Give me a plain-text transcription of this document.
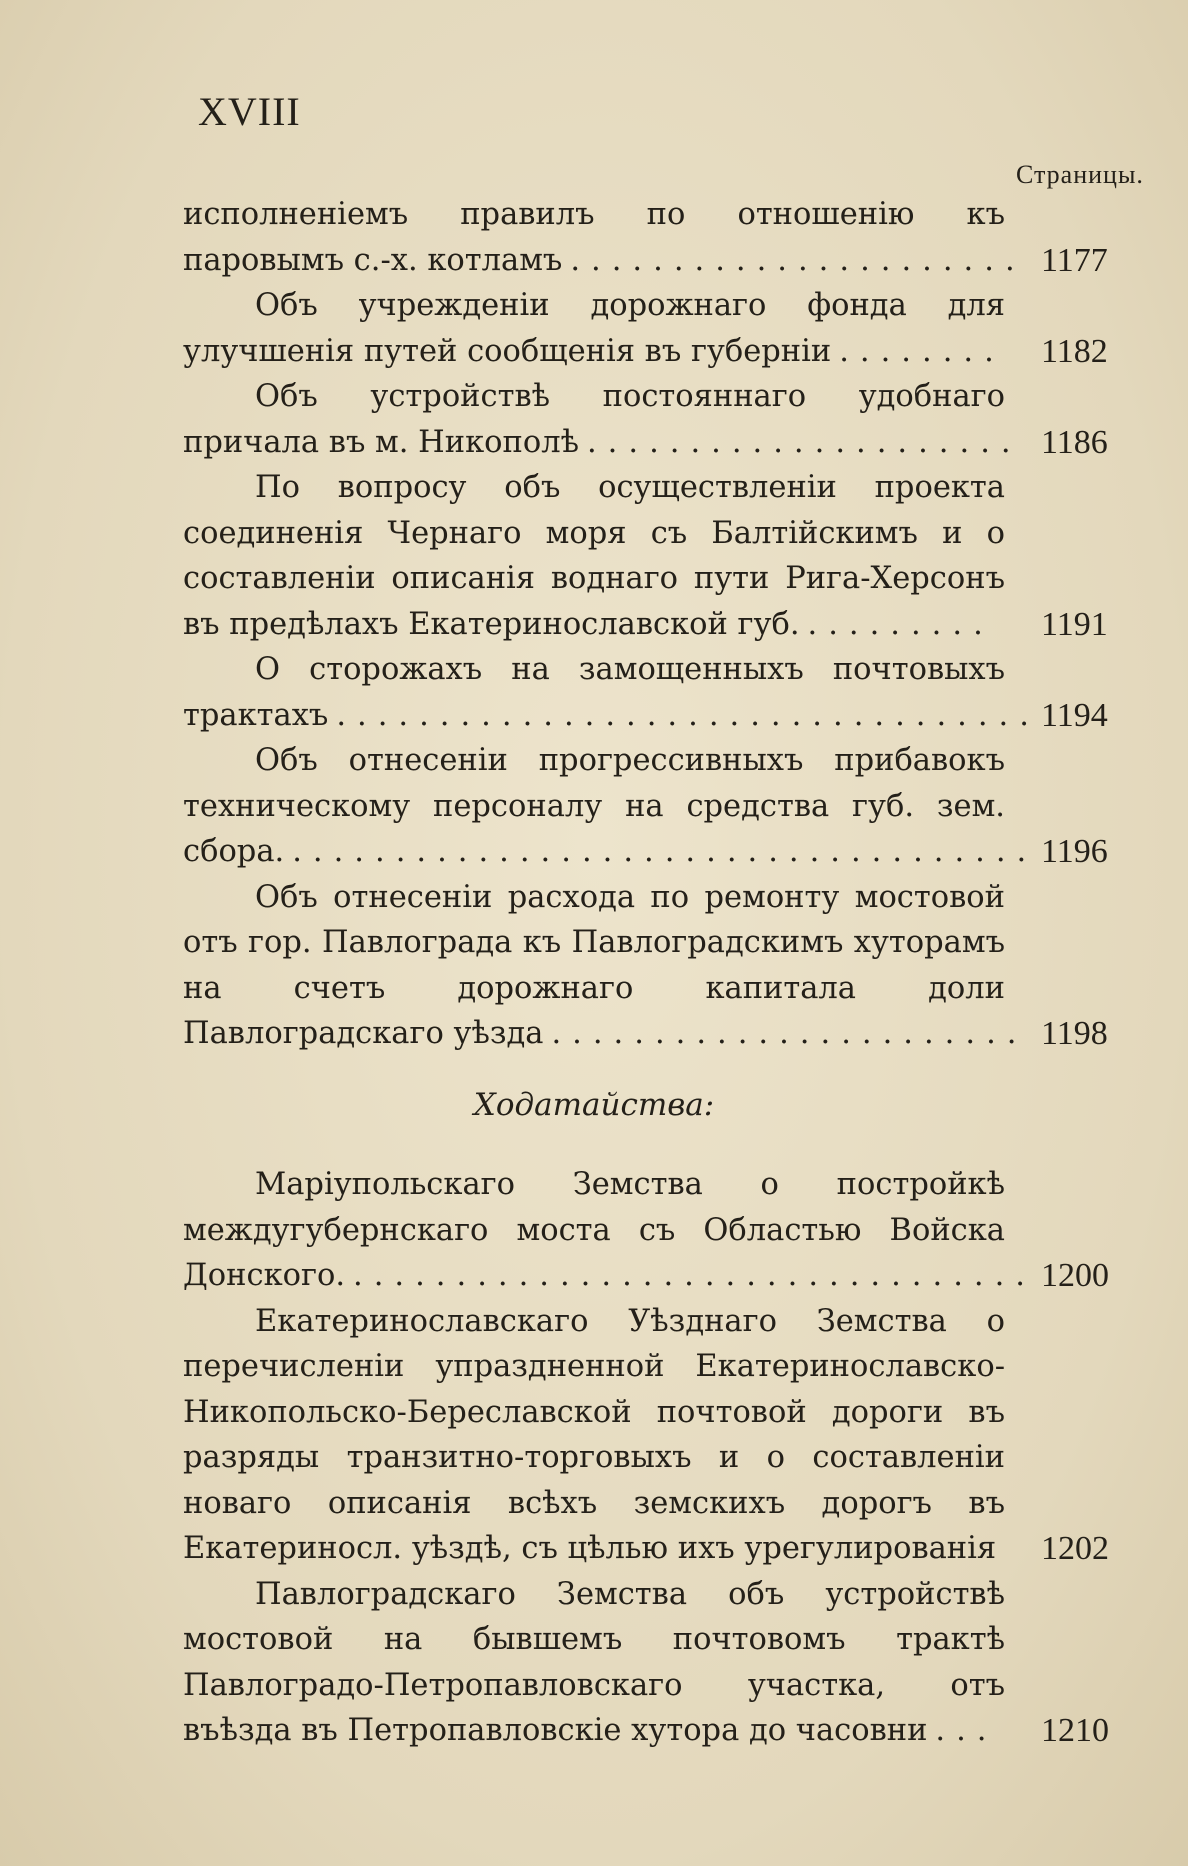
XVIII
Страницы.

исполненіемъ правилъ по отношенію къ паровымъ с.-х. котламъ ...................... 1177

Объ учрежденіи дорожнаго фонда для улучшенія путей сообщенія въ губерніи ........ 1182

Объ устройствѣ постояннаго удобнаго причала въ м. Никополѣ ..................... 1186

По вопросу объ осуществленіи проекта соединенія Чернаго моря съ Балтійскимъ и о составленіи описанія воднаго пути Рига-Херсонъ въ предѣлахъ Екатеринославской губ. ......... 1191

О сторожахъ на замощенныхъ почтовыхъ трактахъ .................................. 1194

Объ отнесеніи прогрессивныхъ прибавокъ техническому персоналу на средства губ. зем. сбора. .................................... 1196

Объ отнесеніи расхода по ремонту мостовой отъ гор. Павлограда къ Павлоградскимъ хуторамъ на счетъ дорожнаго капитала доли Павлоградскаго уѣзда ....................... 1198
Ходатайства:

Маріупольскаго Земства о постройкѣ междугубернскаго моста съ Областью Войска Донского. ................................. 1200

Екатеринославскаго Уѣзднаго Земства о перечисленіи упраздненной Екатеринославско-Никопольско-Береславской почтовой дороги въ разряды транзитно-торговыхъ и о составленіи новаго описанія всѣхъ земскихъ дорогъ въ Екатериносл. уѣздѣ, съ цѣлью ихъ урегулированія 1202

Павлоградскаго Земства объ устройствѣ мостовой на бывшемъ почтовомъ трактѣ Павлоградо-Петропавловскаго участка, отъ въѣзда въ Петропавловскіе хутора до часовни ... 1210
